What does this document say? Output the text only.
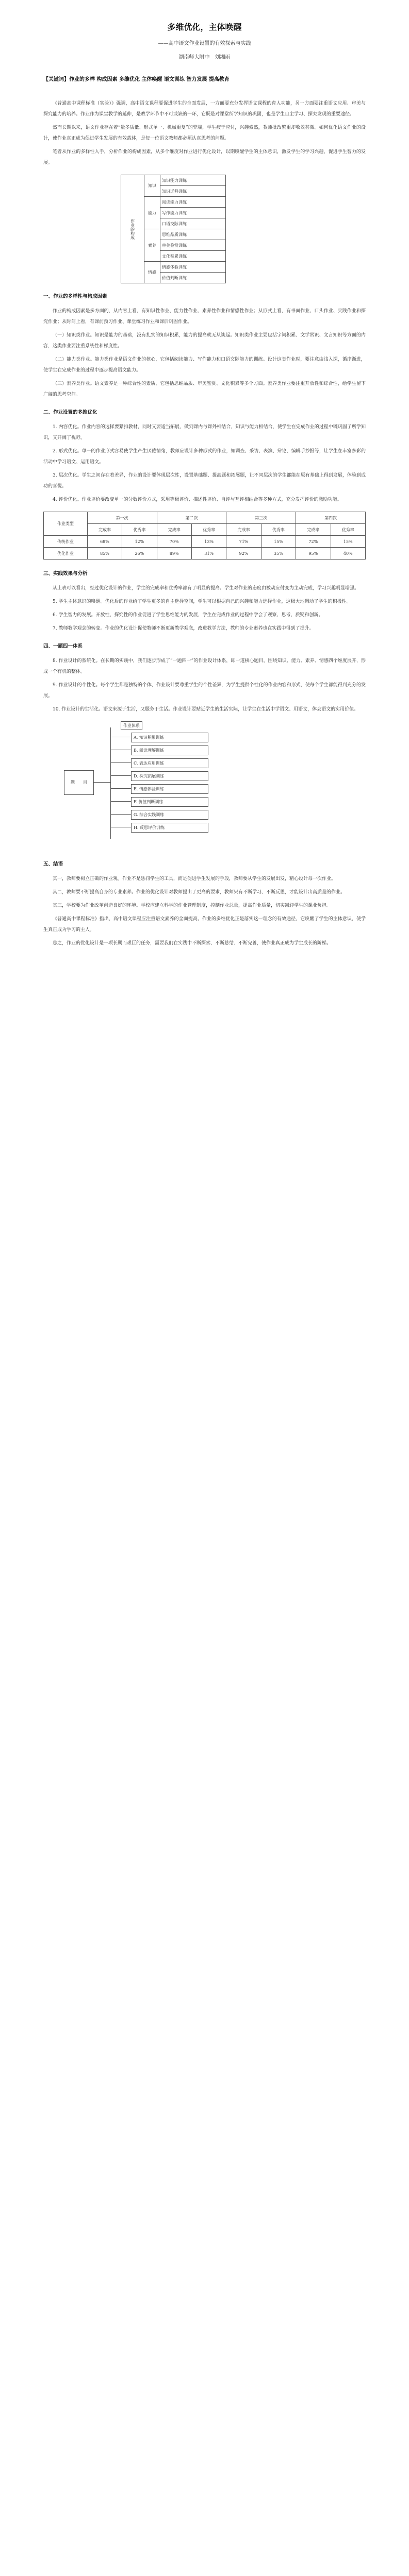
多维优化，主体唤醒
——高中语文作业设置的有效探索与实践
湖南师大附中　刘湘雨
【关键词】作业的多样 构成因素 多维优化 主体唤醒 语文训练 智力发展 提高教育

《普通高中课程标准（实验）》强调，高中语文课程要促进学生的全面发展，一方面要充分发挥语文课程的育人功能，另一方面要注重语文应用、审美与探究能力的培养。作业作为课堂教学的延伸，是教学环节中不可或缺的一环，它既是对课堂所学知识的巩固，也是学生自主学习、探究发现的重要途径。

然而长期以来，语文作业存在着“量多质低、形式单一、机械重复”的弊端，学生疲于应付，兴趣索然，教师批改繁重却收效甚微。如何优化语文作业的设计，使作业真正成为促进学生发展的有效载体，是每一位语文教师都必须认真思考的问题。

笔者从作业的多样性入手，分析作业的构成因素，从多个维度对作业进行优化设计，以期唤醒学生的主体意识，激发学生的学习兴趣，促进学生智力的发展。

作业的构成	知识	知识能力训练
		知识迁移训练
	能力	阅读能力训练
		写作能力训练
		口语交际训练
	素养	思维品质训练
		审美鉴赏训练
		文化积累训练
	情感	情感体验训练
		价值判断训练
一、作业的多样性与构成因素

作业的构成因素是多方面的，从内容上看，有知识性作业、能力性作业、素养性作业和情感性作业；从形式上看，有书面作业、口头作业、实践作业和探究作业；从时间上看，有课前预习作业、课堂练习作业和课后巩固作业。

（一）知识类作业。知识是能力的基础，没有扎实的知识积累，能力的提高就无从谈起。知识类作业主要包括字词积累、文学常识、文言知识等方面的内容，这类作业要注重系统性和梯度性。

（二）能力类作业。能力类作业是语文作业的核心，它包括阅读能力、写作能力和口语交际能力的训练。设计这类作业时，要注意由浅入深，循序渐进，使学生在完成作业的过程中逐步提高语文能力。

（三）素养类作业。语文素养是一种综合性的素质，它包括思维品质、审美鉴赏、文化积累等多个方面。素养类作业要注重开放性和综合性，给学生留下广阔的思考空间。

二、作业设置的多维优化

1. 内容优化。作业内容的选择要紧扣教材，同时又要适当拓展，做到课内与课外相结合，知识与能力相结合，使学生在完成作业的过程中既巩固了所学知识，又开阔了视野。

2. 形式优化。单一的作业形式容易使学生产生厌倦情绪，教师应设计多种形式的作业，如调查、采访、表演、辩论、编辑手抄报等，让学生在丰富多彩的活动中学习语文、运用语文。

3. 层次优化。学生之间存在着差异，作业的设计要体现层次性，设置基础题、提高题和拓展题，让不同层次的学生都能在原有基础上得到发展，体验到成功的喜悦。

4. 评价优化。作业评价要改变单一的分数评价方式，采用等级评价、描述性评价、自评与互评相结合等多种方式，充分发挥评价的激励功能。

作业类型	第一次		第二次		第三次		第四次	
	完成率	优秀率	完成率	优秀率	完成率	优秀率	完成率	优秀率
传统作业	68%	12%	70%	13%	71%	15%	72%	15%
优化作业	85%	26%	89%	31%	92%	35%	95%	40%
三、实践效果与分析

从上表可以看出，经过优化设计的作业，学生的完成率和优秀率都有了明显的提高。学生对作业的态度由被动应付变为主动完成，学习兴趣明显增强。

5. 学生主体意识的唤醒。优化后的作业给了学生更多的自主选择空间，学生可以根据自己的兴趣和能力选择作业，这极大地调动了学生的积极性。

6. 学生智力的发展。开放性、探究性的作业促进了学生思维能力的发展，学生在完成作业的过程中学会了观察、思考、质疑和创新。

7. 教师教学观念的转变。作业的优化设计促使教师不断更新教学观念，改进教学方法，教师的专业素养也在实践中得到了提升。

四、一题四一体系

8. 作业设计的系统化。在长期的实践中，我们逐步形成了“一题四一”的作业设计体系，即一道核心题目，围绕知识、能力、素养、情感四个维度展开，形成一个有机的整体。

9. 作业设计的个性化。每个学生都是独特的个体，作业设计要尊重学生的个性差异，为学生提供个性化的作业内容和形式，使每个学生都能得到充分的发展。

10. 作业设计的生活化。语文来源于生活，又服务于生活。作业设计要贴近学生的生活实际，让学生在生活中学语文、用语文，体会语文的实用价值。

题　　目
作业体系
A. 知识积累训练
B. 阅读理解训练
C. 表达应用训练
D. 探究拓展训练
E. 情感体验训练
F. 价值判断训练
G. 综合实践训练
H. 反思评价训练
五、结语

其一，教师要树立正确的作业观。作业不是惩罚学生的工具，而是促进学生发展的手段，教师要从学生的发展出发，精心设计每一次作业。

其二，教师要不断提高自身的专业素养。作业的优化设计对教师提出了更高的要求，教师只有不断学习、不断反思，才能设计出高质量的作业。

其三，学校要为作业改革创造良好的环境。学校应建立科学的作业管理制度，控制作业总量，提高作业质量，切实减轻学生的课业负担。

《普通高中课程标准》指出，高中语文课程应注重语文素养的全面提高。作业的多维优化正是落实这一理念的有效途径，它唤醒了学生的主体意识，使学生真正成为学习的主人。

总之，作业的优化设计是一项长期而艰巨的任务，需要我们在实践中不断探索、不断总结、不断完善，使作业真正成为学生成长的阶梯。
